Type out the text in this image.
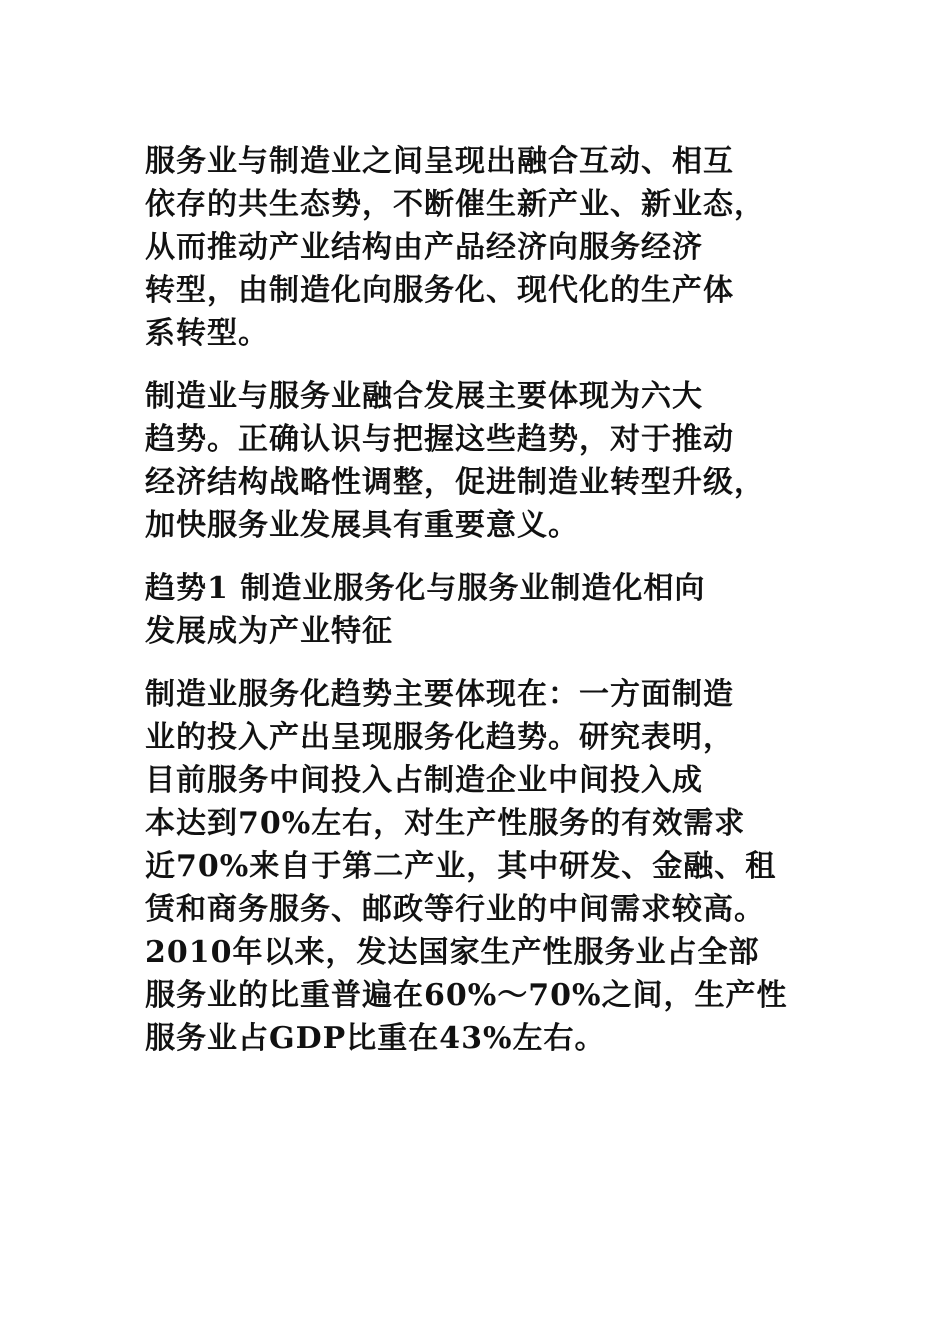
服务业与制造业之间呈现出融合互动、相互
依存的共生态势，不断催生新产业、新业态，
从而推动产业结构由产品经济向服务经济
转型，由制造化向服务化、现代化的生产体
系转型。

制造业与服务业融合发展主要体现为六大
趋势。正确认识与把握这些趋势，对于推动
经济结构战略性调整，促进制造业转型升级，
加快服务业发展具有重要意义。

趋势1 制造业服务化与服务业制造化相向
发展成为产业特征

制造业服务化趋势主要体现在：一方面制造
业的投入产出呈现服务化趋势。研究表明，
目前服务中间投入占制造企业中间投入成
本达到70%左右，对生产性服务的有效需求
近70%来自于第二产业，其中研发、金融、租
赁和商务服务、邮政等行业的中间需求较高。
2010年以来，发达国家生产性服务业占全部
服务业的比重普遍在60%～70%之间，生产性
服务业占GDP比重在43%左右。
